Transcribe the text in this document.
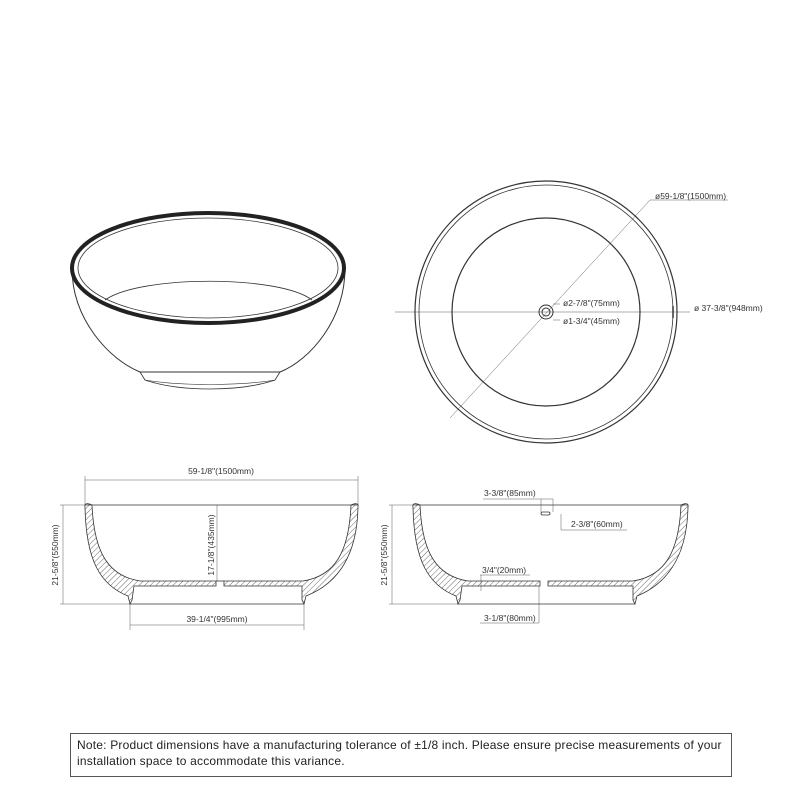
ø59-1/8"(1500mm)
ø 37-3/8"(948mm)
ø2-7/8"(75mm)
ø1-3/4"(45mm)
59-1/8"(1500mm)
21-5/8"(550mm)	17-1/8"(435mm)
39-1/4"(995mm)
3-3/8"(85mm)
2-3/8"(60mm)
3/4"(20mm)
3-1/8"(80mm)
21-5/8"(550mm)
Note: Product dimensions have a manufacturing tolerance of ±1/8 inch. Please ensure precise measurements of your installation space to accommodate this variance.
